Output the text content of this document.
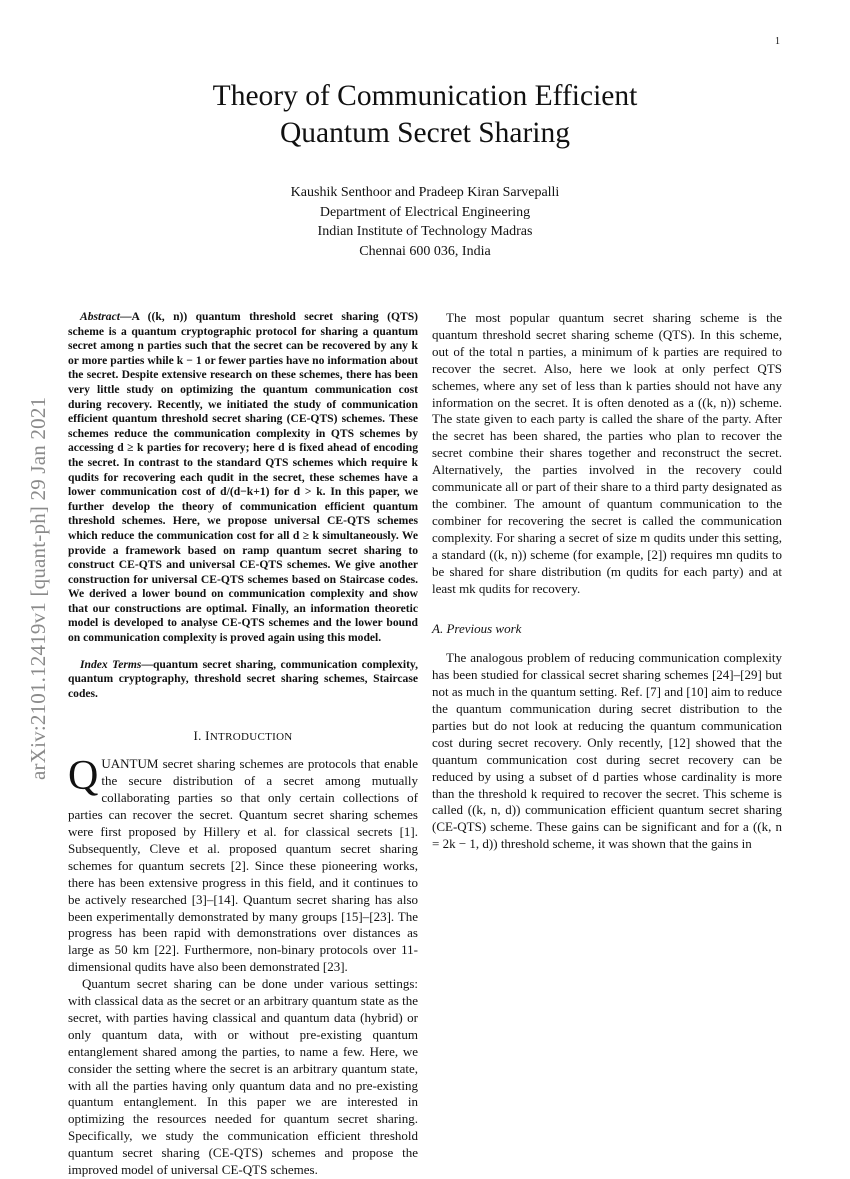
1
arXiv:2101.12419v1 [quant-ph] 29 Jan 2021
Theory of Communication Efficient
Quantum Secret Sharing
Kaushik Senthoor and Pradeep Kiran Sarvepalli
Department of Electrical Engineering
Indian Institute of Technology Madras
Chennai 600 036, India

Abstract—A ((k, n)) quantum threshold secret sharing (QTS) scheme is a quantum cryptographic protocol for sharing a quantum secret among n parties such that the secret can be recovered by any k or more parties while k − 1 or fewer parties have no information about the secret. Despite extensive research on these schemes, there has been very little study on optimizing the quantum communication cost during recovery. Recently, we initiated the study of communication efficient quantum threshold secret sharing (CE-QTS) schemes. These schemes reduce the communication complexity in QTS schemes by accessing d ≥ k parties for recovery; here d is fixed ahead of encoding the secret. In contrast to the standard QTS schemes which require k qudits for recovering each qudit in the secret, these schemes have a lower communication cost of d/(d−k+1) for d > k. In this paper, we further develop the theory of communication efficient quantum threshold schemes. Here, we propose universal CE-QTS schemes which reduce the communication cost for all d ≥ k simultaneously. We provide a framework based on ramp quantum secret sharing to construct CE-QTS and universal CE-QTS schemes. We give another construction for universal CE-QTS schemes based on Staircase codes. We derived a lower bound on communication complexity and show that our constructions are optimal. Finally, an information theoretic model is developed to analyse CE-QTS schemes and the lower bound on communication complexity is proved again using this model.

Index Terms—quantum secret sharing, communication complexity, quantum cryptography, threshold secret sharing schemes, Staircase codes.

I. INTRODUCTION

QUANTUM secret sharing schemes are protocols that enable the secure distribution of a secret among mutually collaborating parties so that only certain collections of parties can recover the secret. Quantum secret sharing schemes were first proposed by Hillery et al. for classical secrets [1]. Subsequently, Cleve et al. proposed quantum secret sharing schemes for quantum secrets [2]. Since these pioneering works, there has been extensive progress in this field, and it continues to be actively researched [3]–[14]. Quantum secret sharing has also been experimentally demonstrated by many groups [15]–[23]. The progress has been rapid with demonstrations over distances as large as 50 km [22]. Furthermore, non-binary protocols over 11-dimensional qudits have also been demonstrated [23].

Quantum secret sharing can be done under various settings: with classical data as the secret or an arbitrary quantum state as the secret, with parties having classical and quantum data (hybrid) or only quantum data, with or without pre-existing quantum entanglement shared among the parties, to name a few. Here, we consider the setting where the secret is an arbitrary quantum state, with all the parties having only quantum data and no pre-existing quantum entanglement. In this paper we are interested in optimizing the resources needed for quantum secret sharing. Specifically, we study the communication efficient threshold quantum secret sharing (CE-QTS) schemes and propose the improved model of universal CE-QTS schemes.

The most popular quantum secret sharing scheme is the quantum threshold secret sharing scheme (QTS). In this scheme, out of the total n parties, a minimum of k parties are required to recover the secret. Also, here we look at only perfect QTS schemes, where any set of less than k parties should not have any information on the secret. It is often denoted as a ((k, n)) scheme. The state given to each party is called the share of the party. After the secret has been shared, the parties who plan to recover the secret combine their shares together and reconstruct the secret. Alternatively, the parties involved in the recovery could communicate all or part of their share to a third party designated as the combiner. The amount of quantum communication to the combiner for recovering the secret is called the communication complexity. For sharing a secret of size m qudits under this setting, a standard ((k, n)) scheme (for example, [2]) requires mn qudits to be shared for share distribution (m qudits for each party) and at least mk qudits for recovery.

A. Previous work

The analogous problem of reducing communication complexity has been studied for classical secret sharing schemes [24]–[29] but not as much in the quantum setting. Ref. [7] and [10] aim to reduce the quantum communication during secret distribution to the parties but do not look at reducing the quantum communication cost during secret recovery. Only recently, [12] showed that the quantum communication cost during secret recovery can be reduced by using a subset of d parties whose cardinality is more than the threshold k required to recover the secret. This scheme is called ((k, n, d)) communication efficient quantum secret sharing (CE-QTS) scheme. These gains can be significant and for a ((k, n = 2k − 1, d)) threshold scheme, it was shown that the gains in
